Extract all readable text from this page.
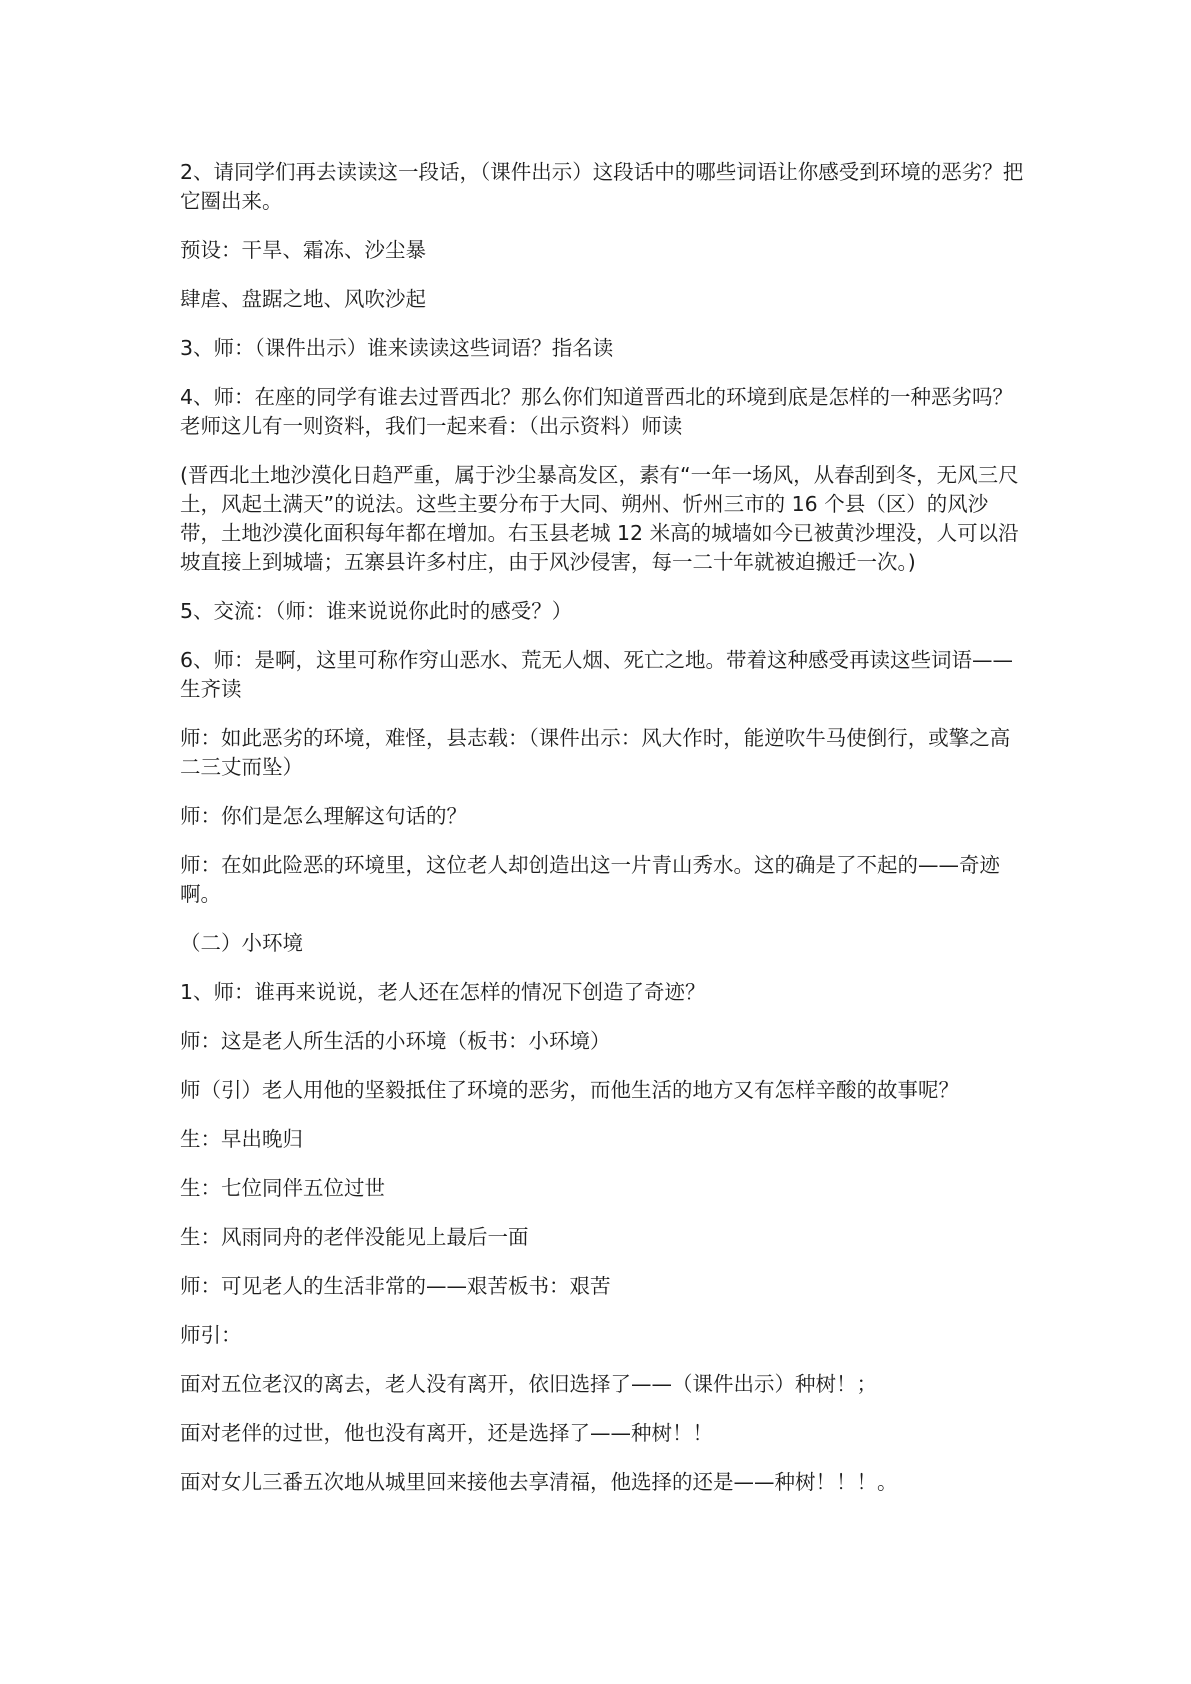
2、请同学们再去读读这一段话，（课件出示）这段话中的哪些词语让你感受到环境的恶劣？把它圈出来。

预设：干旱、霜冻、沙尘暴

肆虐、盘踞之地、风吹沙起

3、师：（课件出示）谁来读读这些词语？指名读

4、师：在座的同学有谁去过晋西北？那么你们知道晋西北的环境到底是怎样的一种恶劣吗？老师这儿有一则资料，我们一起来看：（出示资料）师读

(晋西北土地沙漠化日趋严重，属于沙尘暴高发区，素有“一年一场风，从春刮到冬，无风三尺土，风起土满天”的说法。这些主要分布于大同、朔州、忻州三市的 16 个县（区）的风沙带，土地沙漠化面积每年都在增加。右玉县老城 12 米高的城墙如今已被黄沙埋没，人可以沿坡直接上到城墙；五寨县许多村庄，由于风沙侵害，每一二十年就被迫搬迁一次。)

5、交流：（师：谁来说说你此时的感受？）

6、师：是啊，这里可称作穷山恶水、荒无人烟、死亡之地。带着这种感受再读这些词语——生齐读

师：如此恶劣的环境，难怪，县志载：（课件出示：风大作时，能逆吹牛马使倒行，或擎之高二三丈而坠）

师：你们是怎么理解这句话的？

师：在如此险恶的环境里，这位老人却创造出这一片青山秀水。这的确是了不起的——奇迹啊。

（二）小环境

1、师：谁再来说说，老人还在怎样的情况下创造了奇迹？

师：这是老人所生活的小环境（板书：小环境）

师（引）老人用他的坚毅抵住了环境的恶劣，而他生活的地方又有怎样辛酸的故事呢？

生：早出晚归

生：七位同伴五位过世

生：风雨同舟的老伴没能见上最后一面

师：可见老人的生活非常的——艰苦板书：艰苦

师引：

面对五位老汉的离去，老人没有离开，依旧选择了——（课件出示）种树！；

面对老伴的过世，他也没有离开，还是选择了——种树！！

面对女儿三番五次地从城里回来接他去享清福，他选择的还是——种树！！！。
